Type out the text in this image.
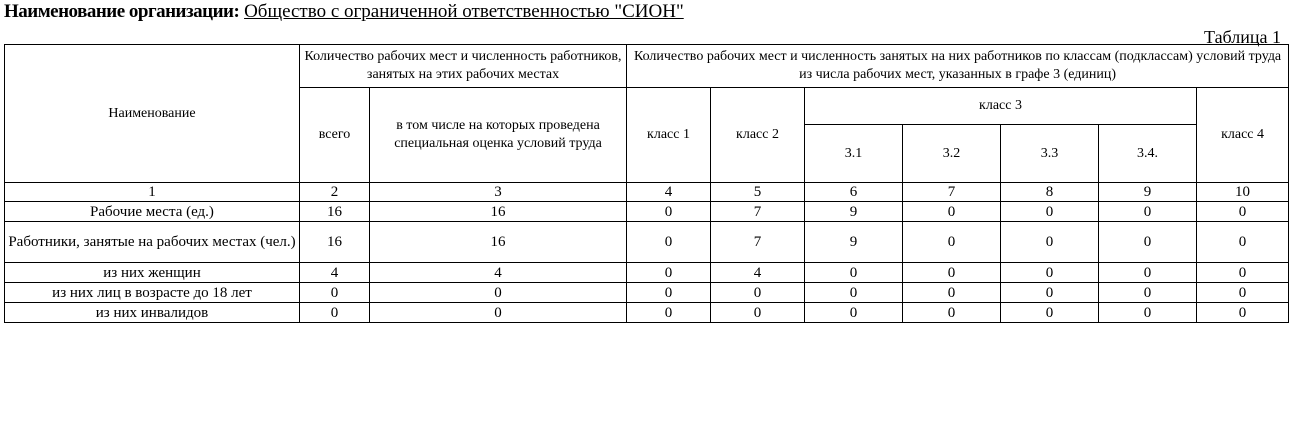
Наименование организации: Общество с ограниченной ответственностью "СИОН"
Таблица 1
Наименование	Количество рабочих мест и численность работников, занятых на этих рабочих местах		Количество рабочих мест и численность занятых на них работников по классам (подклассам) условий труда из числа рабочих мест, указанных в графе 3 (единиц)						
	всего	в том числе на которых проведена специальная оценка условий труда	класс 1	класс 2	класс 3				класс 4
					3.1	3.2	3.3	3.4.	
1	2	3	4	5	6	7	8	9	10
Рабочие места (ед.)	16	16	0	7	9	0	0	0	0
Работники, занятые на рабочих местах (чел.)	16	16	0	7	9	0	0	0	0
из них женщин	4	4	0	4	0	0	0	0	0
из них лиц в возрасте до 18 лет	0	0	0	0	0	0	0	0	0
из них инвалидов	0	0	0	0	0	0	0	0	0
